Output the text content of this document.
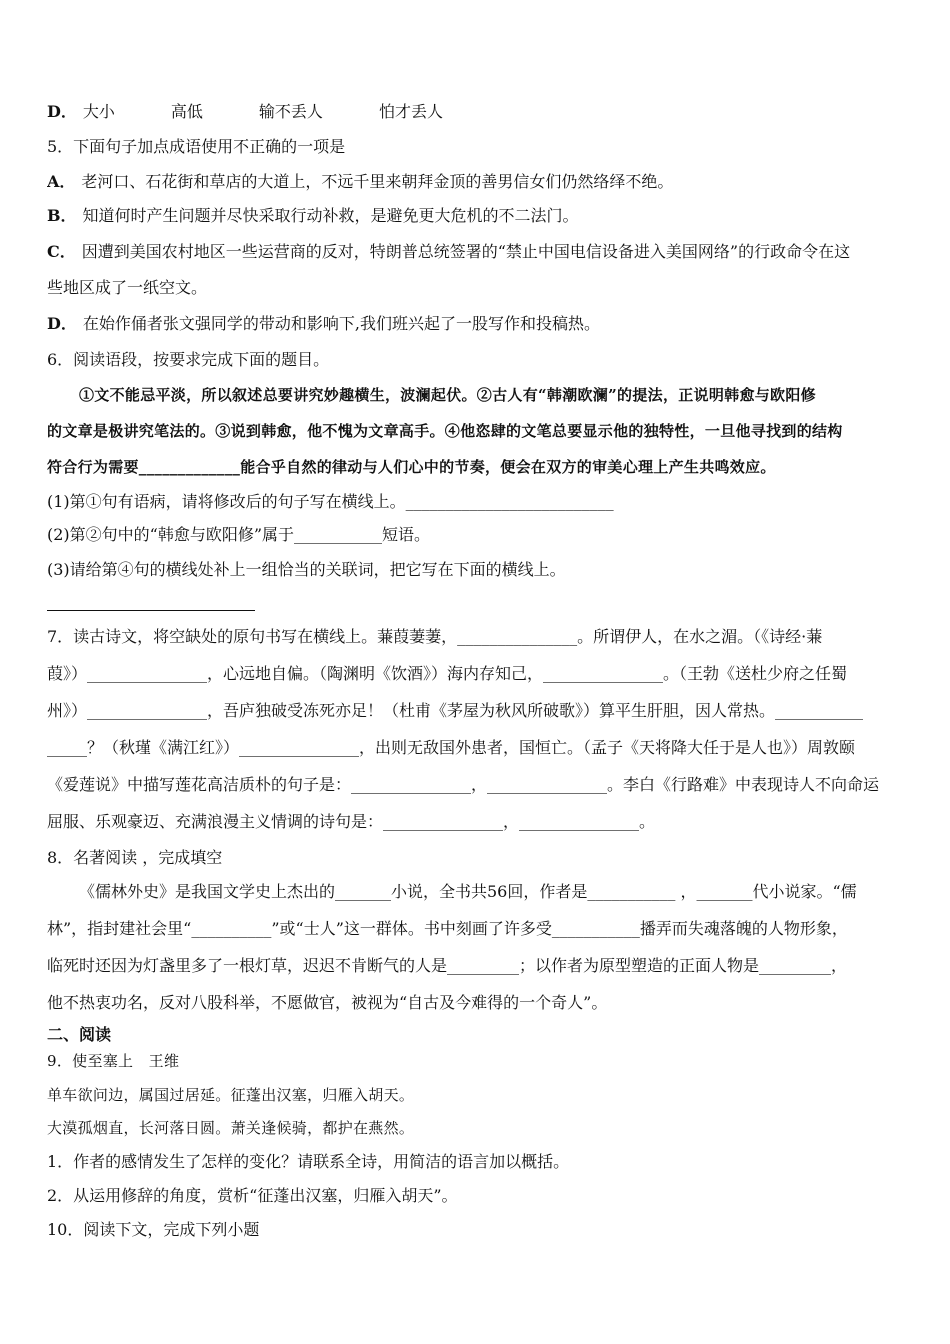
D． 大小	高低	输不丢人	怕才丢人
5．下面句子加点成语使用不正确的一项是
A． 老河口、石花街和草店的大道上，不远千里来朝拜金顶的善男信女们仍然络绎不绝。
B． 知道何时产生问题并尽快采取行动补救，是避免更大危机的不二法门。
C． 因遭到美国农村地区一些运营商的反对，特朗普总统签署的“禁止中国电信设备进入美国网络”的行政命令在这
些地区成了一纸空文。
D． 在始作俑者张文强同学的带动和影响下,我们班兴起了一股写作和投稿热。
6．阅读语段，按要求完成下面的题目。
①文不能忌平淡，所以叙述总要讲究妙趣横生，波澜起伏。②古人有“韩潮欧澜”的提法，正说明韩愈与欧阳修
的文章是极讲究笔法的。③说到韩愈，他不愧为文章高手。④他恣肆的文笔总要显示他的独特性，一旦他寻找到的结构
符合行为需要_____________能合乎自然的律动与人们心中的节奏，便会在双方的审美心理上产生共鸣效应。
(1)第①句有语病，请将修改后的句子写在横线上。__________________________
(2)第②句中的“韩愈与欧阳修”属于___________短语。
(3)请给第④句的横线处补上一组恰当的关联词，把它写在下面的横线上。
7．读古诗文，将空缺处的原句书写在横线上。蒹葭萋萋，_______________。所谓伊人，在水之湄。（《诗经·蒹
葭》）_______________，心远地自偏。（陶渊明《饮酒》）海内存知己，_______________。（王勃《送杜少府之任蜀
州》）_______________，吾庐独破受冻死亦足！（杜甫《茅屋为秋风所破歌》）算平生肝胆，因人常热。___________
_____？（秋瑾《满江红》）_______________，出则无敌国外患者，国恒亡。（孟子《天将降大任于是人也》）周敦颐
《爱莲说》中描写莲花高洁质朴的句子是：_______________，_______________。李白《行路难》中表现诗人不向命运
屈服、乐观豪迈、充满浪漫主义情调的诗句是：_______________，_______________。
8．名著阅读 ，完成填空
《儒林外史》是我国文学史上杰出的_______小说，全书共56回，作者是___________ ，_______代小说家。“儒
林”，指封建社会里“__________”或“士人”这一群体。书中刻画了许多受___________播弄而失魂落魄的人物形象，
临死时还因为灯盏里多了一根灯草，迟迟不肯断气的人是_________；以作者为原型塑造的正面人物是_________，
他不热衷功名，反对八股科举，不愿做官，被视为“自古及今难得的一个奇人”。
二、阅读
9．使至塞上　王维
单车欲问边，属国过居延。征蓬出汉塞，归雁入胡天。
大漠孤烟直，长河落日圆。萧关逢候骑，都护在燕然。
1．作者的感情发生了怎样的变化？请联系全诗，用简洁的语言加以概括。
2．从运用修辞的角度，赏析“征蓬出汉塞，归雁入胡天”。
10．阅读下文，完成下列小题
